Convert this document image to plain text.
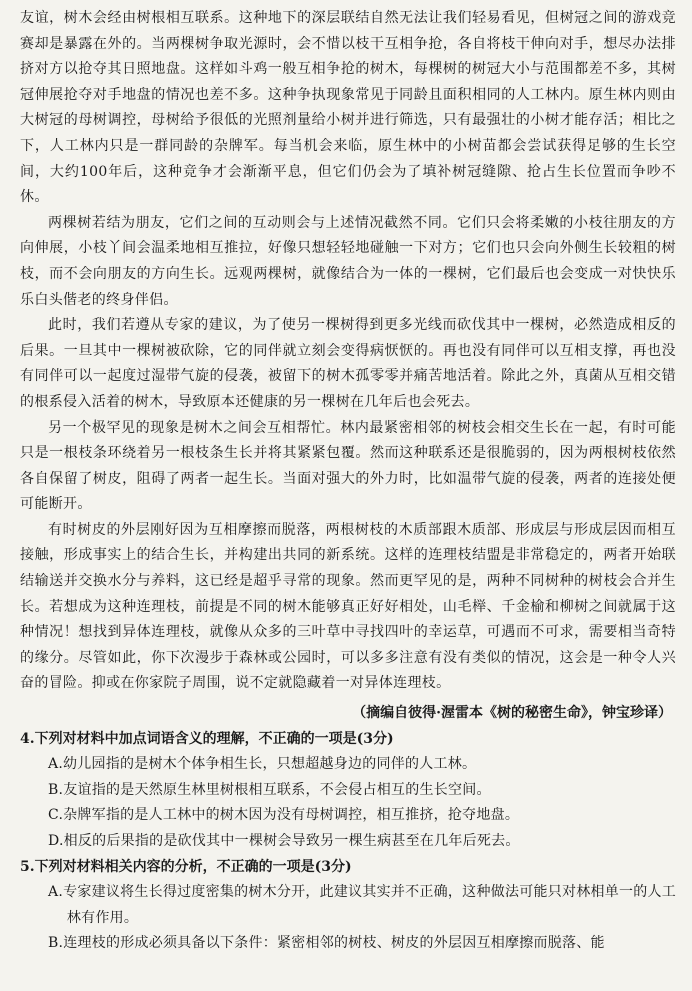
友谊，树木会经由树根相互联系。这种地下的深层联结自然无法让我们轻易看见，但树冠之间的游戏竞赛却是暴露在外的。当两棵树争取光源时，会不惜以枝干互相争抢，各自将枝干伸向对手，想尽办法排挤对方以抢夺其日照地盘。这样如斗鸡一般互相争抢的树木，每棵树的树冠大小与范围都差不多，其树冠伸展抢夺对手地盘的情况也差不多。这种争执现象常见于同龄且面积相同的人工林内。原生林内则由大树冠的母树调控，母树给予很低的光照剂量给小树并进行筛选，只有最强壮的小树才能存活；相比之下，人工林内只是一群同龄的杂牌军。每当机会来临，原生林中的小树苗都会尝试获得足够的生长空间，大约100年后，这种竞争才会渐渐平息，但它们仍会为了填补树冠缝隙、抢占生长位置而争吵不休。

两棵树若结为朋友，它们之间的互动则会与上述情况截然不同。它们只会将柔嫩的小枝往朋友的方向伸展，小枝丫间会温柔地相互推拉，好像只想轻轻地碰触一下对方；它们也只会向外侧生长较粗的树枝，而不会向朋友的方向生长。远观两棵树，就像结合为一体的一棵树，它们最后也会变成一对快快乐乐白头偕老的终身伴侣。

此时，我们若遵从专家的建议，为了使另一棵树得到更多光线而砍伐其中一棵树，必然造成相反的后果。一旦其中一棵树被砍除，它的同伴就立刻会变得病恹恹的。再也没有同伴可以互相支撑，再也没有同伴可以一起度过湿带气旋的侵袭，被留下的树木孤零零并痛苦地活着。除此之外，真菌从互相交错的根系侵入活着的树木，导致原本还健康的另一棵树在几年后也会死去。

另一个极罕见的现象是树木之间会互相帮忙。林内最紧密相邻的树枝会相交生长在一起，有时可能只是一根枝条环绕着另一根枝条生长并将其紧紧包覆。然而这种联系还是很脆弱的，因为两根树枝依然各自保留了树皮，阻碍了两者一起生长。当面对强大的外力时，比如温带气旋的侵袭，两者的连接处便可能断开。

有时树皮的外层刚好因为互相摩擦而脱落，两根树枝的木质部跟木质部、形成层与形成层因而相互接触，形成事实上的结合生长，并构建出共同的新系统。这样的连理枝结盟是非常稳定的，两者开始联结输送并交换水分与养料，这已经是超乎寻常的现象。然而更罕见的是，两种不同树种的树枝会合并生长。若想成为这种连理枝，前提是不同的树木能够真正好好相处，山毛榉、千金榆和柳树之间就属于这种情况！想找到异体连理枝，就像从众多的三叶草中寻找四叶的幸运草，可遇而不可求，需要相当奇特的缘分。尽管如此，你下次漫步于森林或公园时，可以多多注意有没有类似的情况，这会是一种令人兴奋的冒险。抑或在你家院子周围，说不定就隐藏着一对异体连理枝。

（摘编自彼得·渥雷本《树的秘密生命》，钟宝珍译）

4.下列对材料中加点词语含义的理解，不正确的一项是(3分)

A.幼儿园指的是树木个体争相生长，只想超越身边的同伴的人工林。

B.友谊指的是天然原生林里树根相互联系，不会侵占相互的生长空间。

C.杂牌军指的是人工林中的树木因为没有母树调控，相互推挤，抢夺地盘。

D.相反的后果指的是砍伐其中一棵树会导致另一棵生病甚至在几年后死去。

5.下列对材料相关内容的分析，不正确的一项是(3分)

A.专家建议将生长得过度密集的树木分开，此建议其实并不正确，这种做法可能只对林相单一的人工林有作用。

B.连理枝的形成必须具备以下条件：紧密相邻的树枝、树皮的外层因互相摩擦而脱落、能
